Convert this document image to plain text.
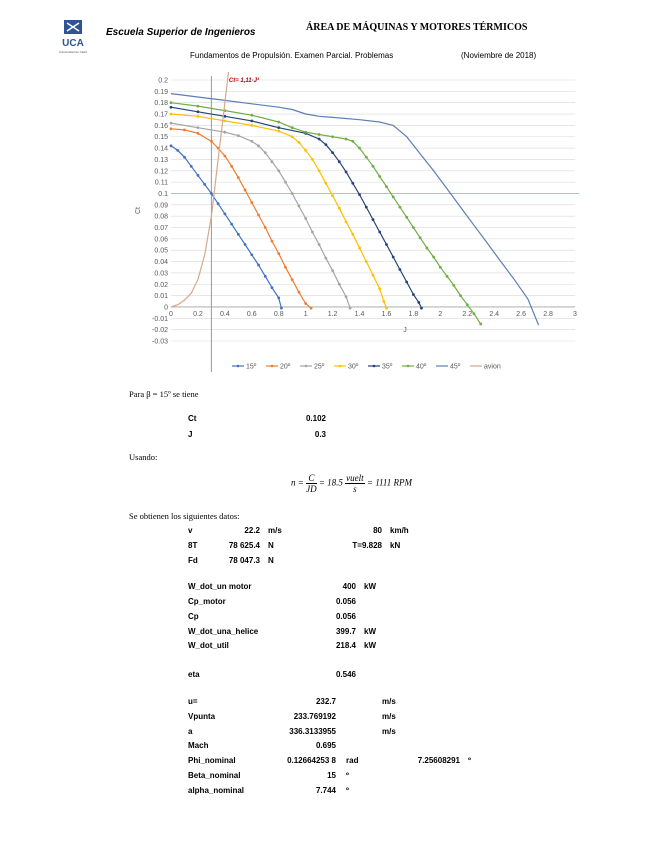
UCA
Universidad de Cádiz
Escuela Superior de Ingenieros	ÁREA DE MÁQUINAS Y MOTORES TÉRMICOS
Fundamentos de Propulsión. Examen Parcial. Problemas	(Noviembre de 2018)
0.2
0.19
0.18
0.17
0.16
0.15
0.14
0.13
0.12
0.11
0.1
0.09
0.08
0.07
0.06
0.05
0.04
0.03
0.02
0.01
0
-0.01
-0.02
-0.03
0	0.2 0.4 0.6 0.8	1	1.2 1.4 1.6 1.8	2	2.2 2.4 2.6 2.8	3
J
Ct
Ct= 1,11·J³
15º	20º	25º	30º	35º	40º	45º	avion
Para β = 15º se tiene
Ct	0.102
J	0.3
Usando:
$n = \frac{C}{JD} = 18.5 \frac{\text{vuelt}}{s} = 1111$ RPM
Se obtienen los siguientes datos:
v	22.2 m/s	80 km/h
8T	78 625.4 N	T=9.828 kN
Fd	78 047.3 N
W_dot_un motor	400 kW
Cp_motor	0.056
Cp	0.056
W_dot_una_helice	399.7 kW
W_dot_util	218.4 kW
eta	0.546
u=	232.7	m/s
Vpunta	233.769192	m/s
a	336.3133955	m/s
Mach	0.695
Phi_nominal	0.12664253 8 rad	7.25608291 º
Beta_nominal	15 º
alpha_nominal	7.744 º
